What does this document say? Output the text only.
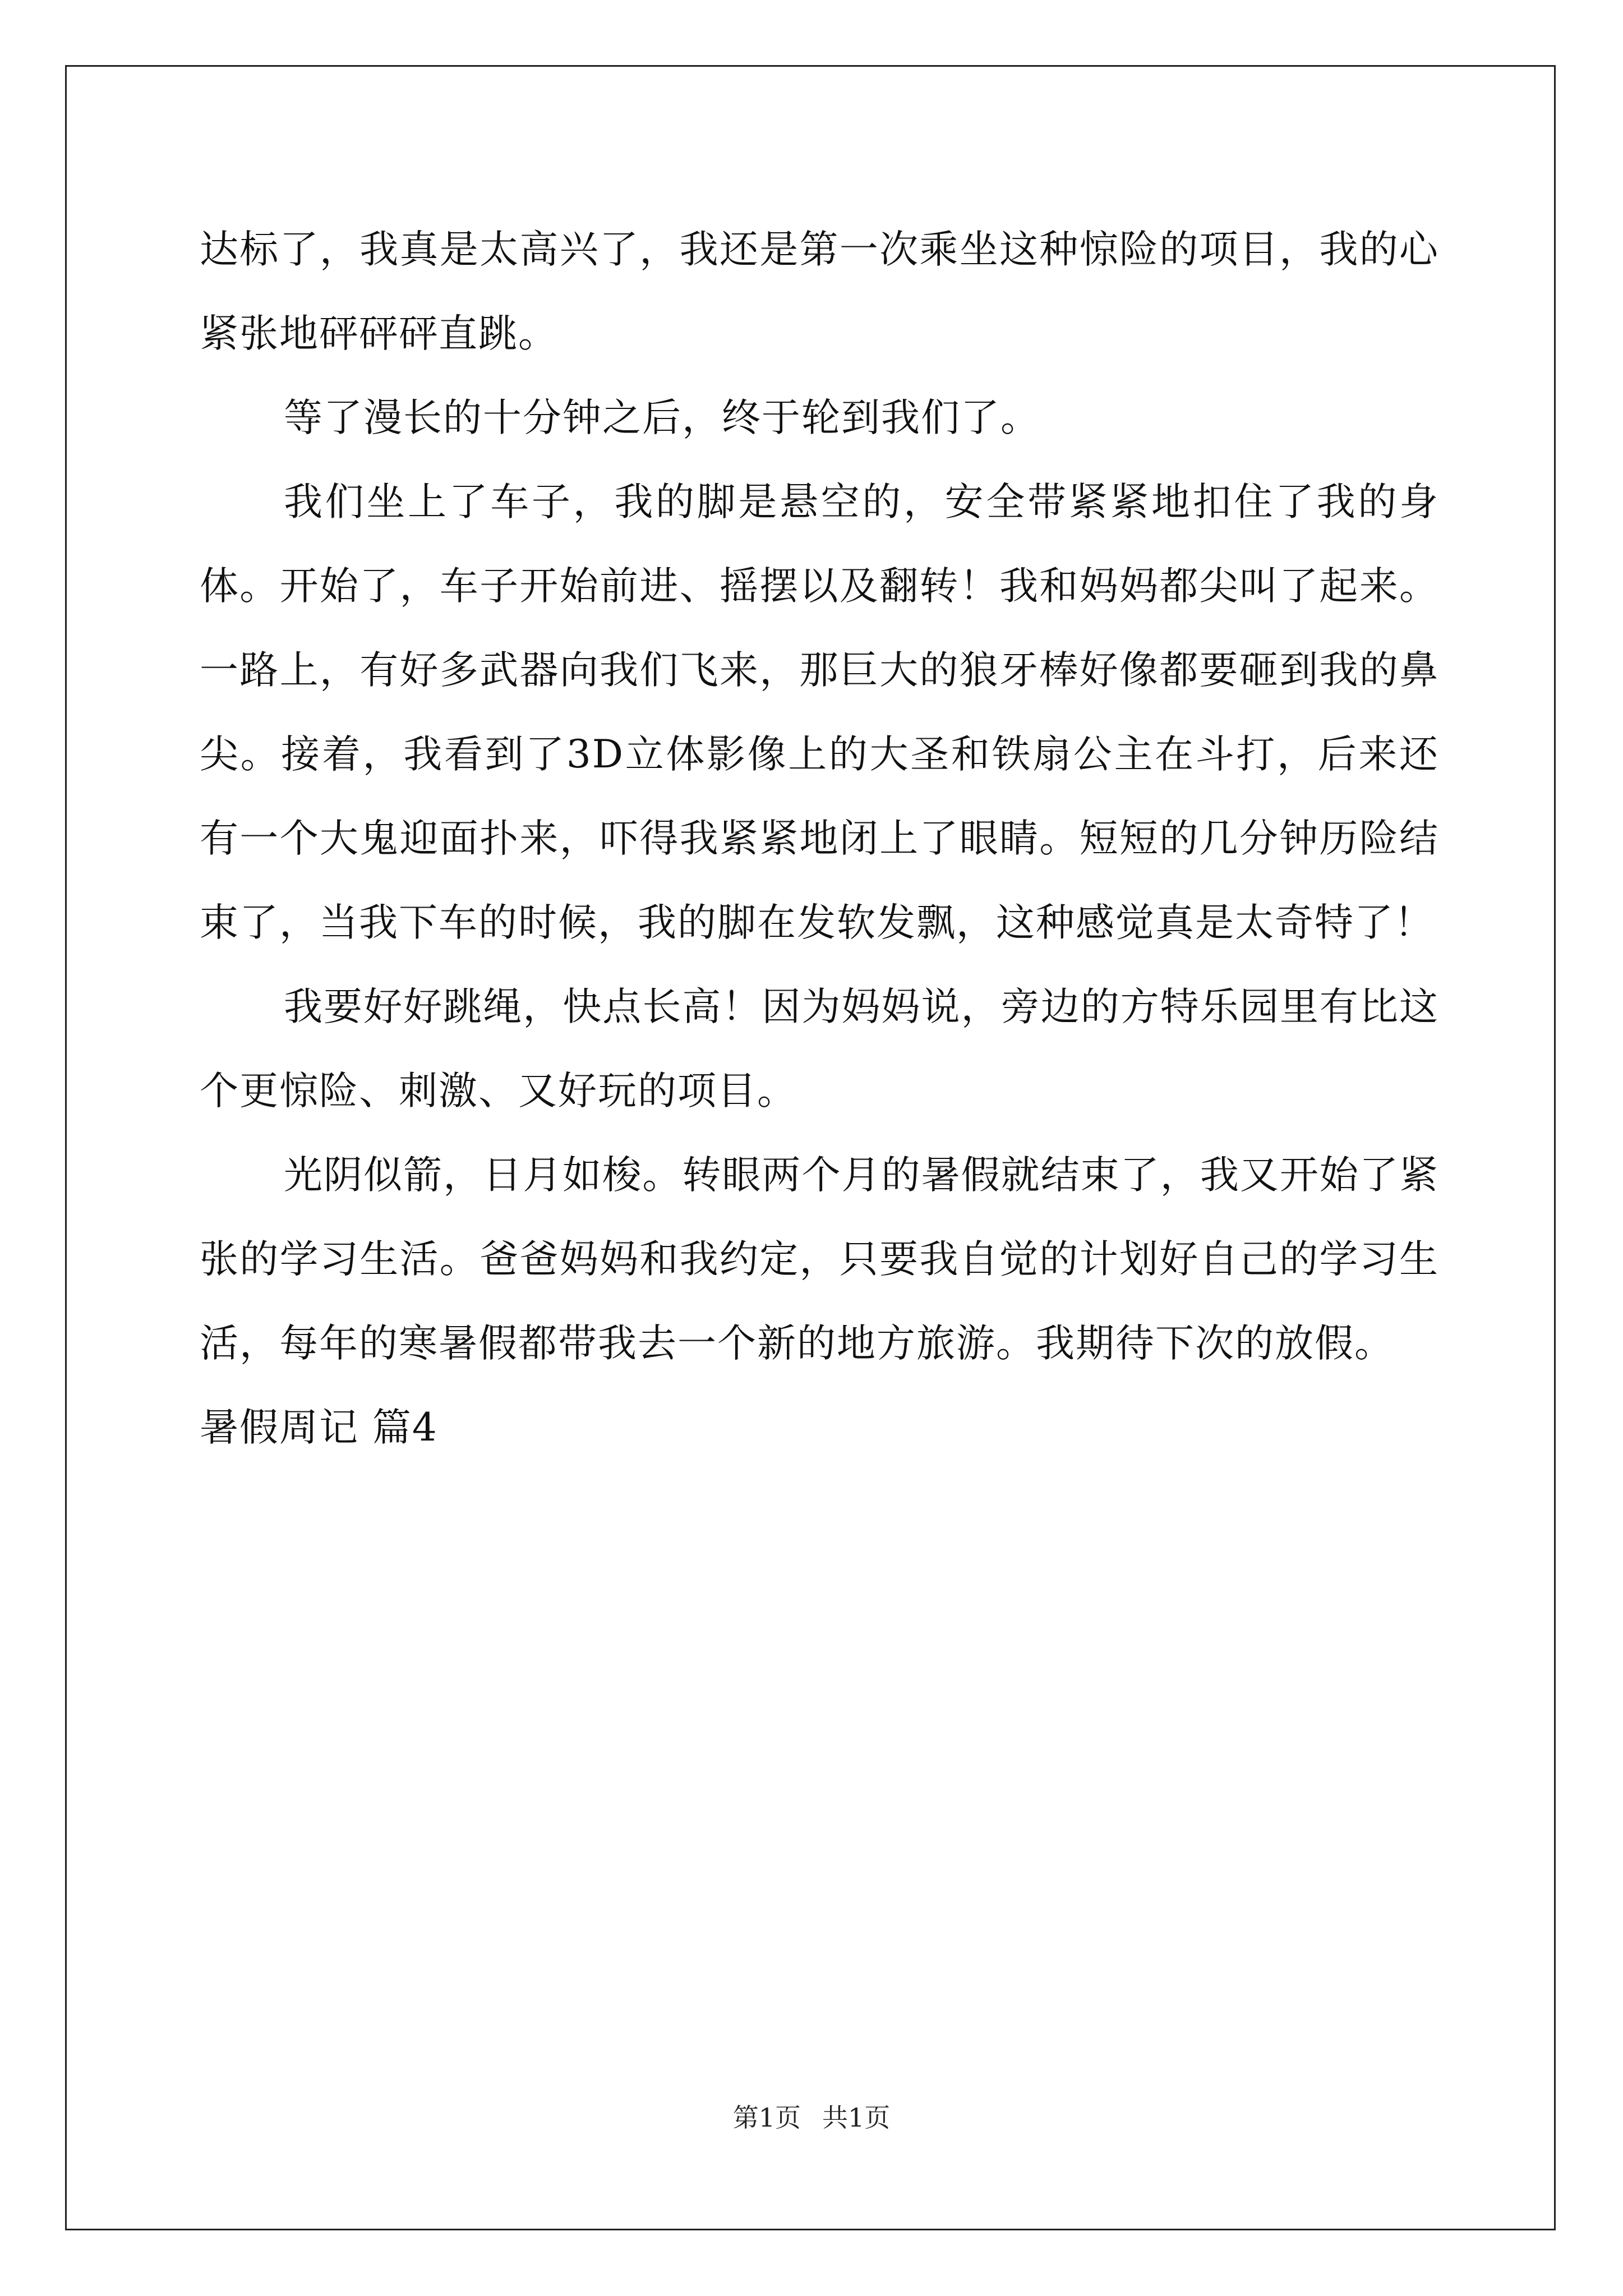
达标了，我真是太高兴了，我还是第一次乘坐这种惊险的项目，我的心紧张地砰砰砰直跳。

等了漫长的十分钟之后，终于轮到我们了。

我们坐上了车子，我的脚是悬空的，安全带紧紧地扣住了我的身体。开始了，车子开始前进、摇摆以及翻转！我和妈妈都尖叫了起来。一路上，有好多武器向我们飞来，那巨大的狼牙棒好像都要砸到我的鼻尖。接着，我看到了3D立体影像上的大圣和铁扇公主在斗打，后来还有一个大鬼迎面扑来，吓得我紧紧地闭上了眼睛。短短的几分钟历险结束了，当我下车的时候，我的脚在发软发飘，这种感觉真是太奇特了！

我要好好跳绳，快点长高！因为妈妈说，旁边的方特乐园里有比这个更惊险、刺激、又好玩的项目。

光阴似箭，日月如梭。转眼两个月的暑假就结束了，我又开始了紧张的学习生活。爸爸妈妈和我约定，只要我自觉的计划好自己的学习生活，每年的寒暑假都带我去一个新的地方旅游。我期待下次的放假。

暑假周记 篇4

第1页 共1页
